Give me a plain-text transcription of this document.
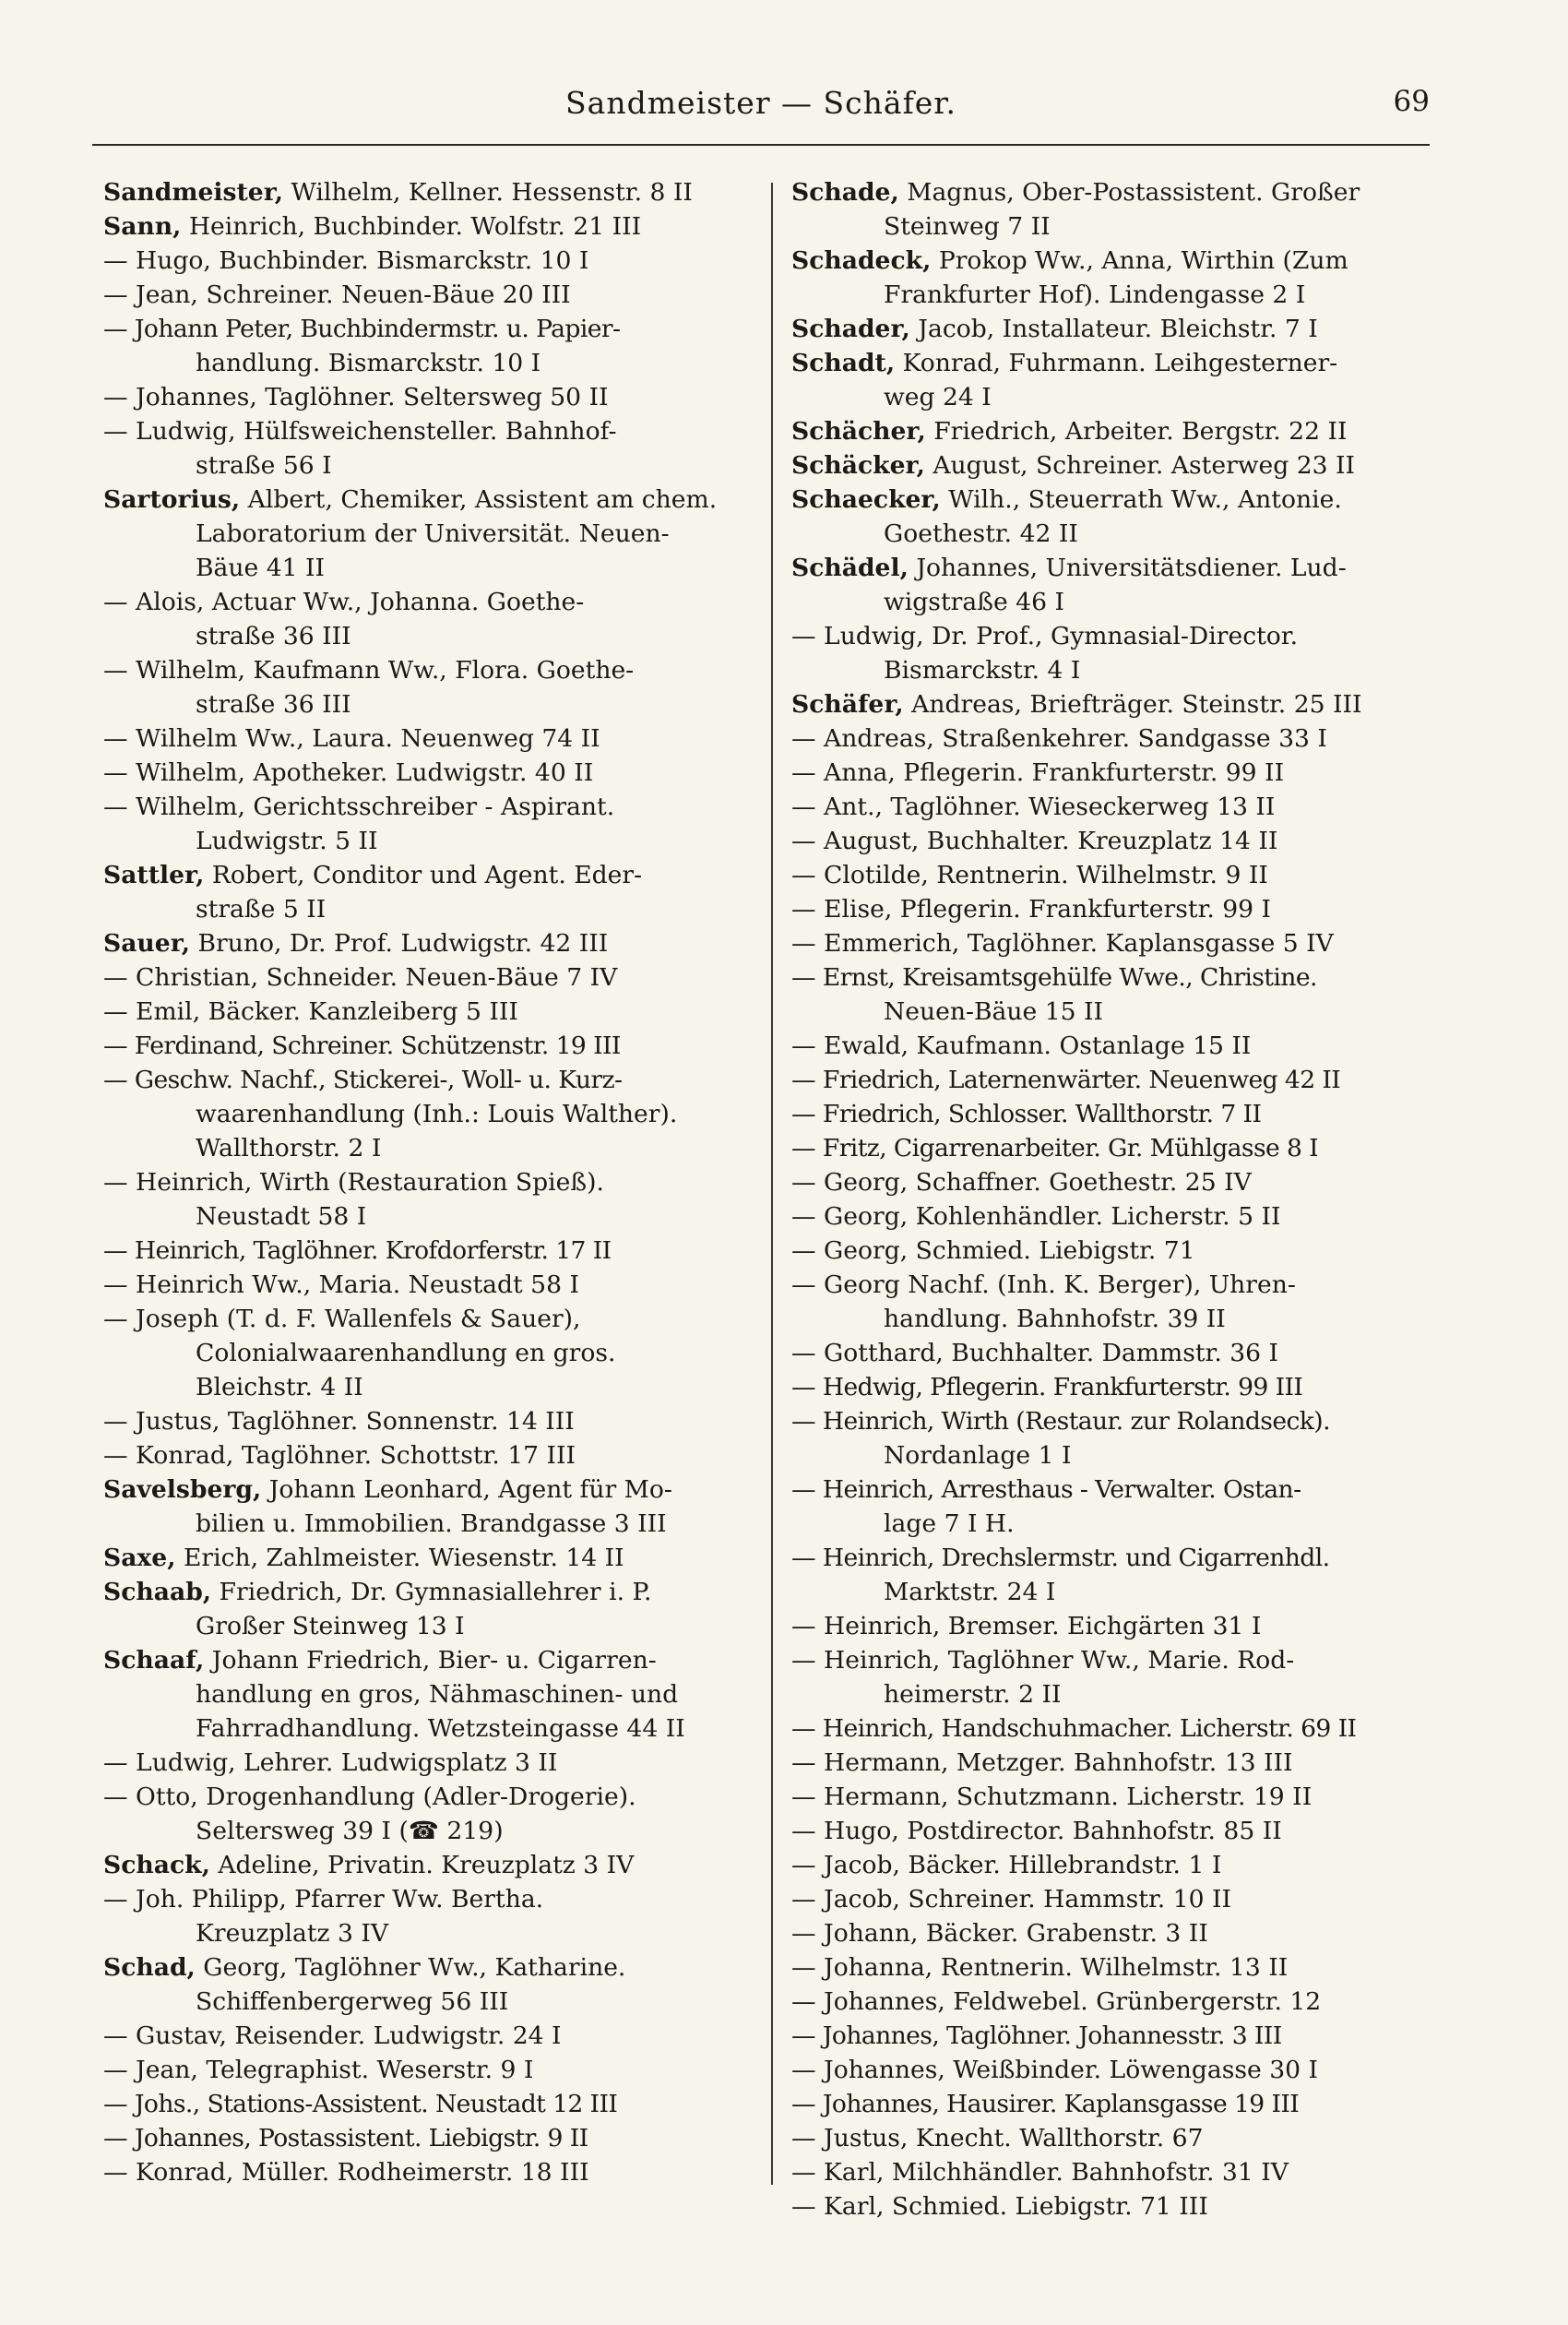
Sandmeister — Schäfer.	69
Sandmeister, Wilhelm, Kellner. Hessenstr. 8 II
Sann, Heinrich, Buchbinder. Wolfstr. 21 III
— Hugo, Buchbinder. Bismarckstr. 10 I
— Jean, Schreiner. Neuen-Bäue 20 III
— Johann Peter, Buchbindermstr. u. Papier-
handlung. Bismarckstr. 10 I
— Johannes, Taglöhner. Seltersweg 50 II
— Ludwig, Hülfsweichensteller. Bahnhof-
straße 56 I
Sartorius, Albert, Chemiker, Assistent am chem.
Laboratorium der Universität. Neuen-
Bäue 41 II
— Alois, Actuar Ww., Johanna. Goethe-
straße 36 III
— Wilhelm, Kaufmann Ww., Flora. Goethe-
straße 36 III
— Wilhelm Ww., Laura. Neuenweg 74 II
— Wilhelm, Apotheker. Ludwigstr. 40 II
— Wilhelm, Gerichtsschreiber - Aspirant.
Ludwigstr. 5 II
Sattler, Robert, Conditor und Agent. Eder-
straße 5 II
Sauer, Bruno, Dr. Prof. Ludwigstr. 42 III
— Christian, Schneider. Neuen-Bäue 7 IV
— Emil, Bäcker. Kanzleiberg 5 III
— Ferdinand, Schreiner. Schützenstr. 19 III
— Geschw. Nachf., Stickerei-, Woll- u. Kurz-
waarenhandlung (Inh.: Louis Walther).
Wallthorstr. 2 I
— Heinrich, Wirth (Restauration Spieß).
Neustadt 58 I
— Heinrich, Taglöhner. Krofdorferstr. 17 II
— Heinrich Ww., Maria. Neustadt 58 I
— Joseph (T. d. F. Wallenfels & Sauer),
Colonialwaarenhandlung en gros.
Bleichstr. 4 II
— Justus, Taglöhner. Sonnenstr. 14 III
— Konrad, Taglöhner. Schottstr. 17 III
Savelsberg, Johann Leonhard, Agent für Mo-
bilien u. Immobilien. Brandgasse 3 III
Saxe, Erich, Zahlmeister. Wiesenstr. 14 II
Schaab, Friedrich, Dr. Gymnasiallehrer i. P.
Großer Steinweg 13 I
Schaaf, Johann Friedrich, Bier- u. Cigarren-
handlung en gros, Nähmaschinen- und
Fahrradhandlung. Wetzsteingasse 44 II
— Ludwig, Lehrer. Ludwigsplatz 3 II
— Otto, Drogenhandlung (Adler-Drogerie).
Seltersweg 39 I (☎ 219)
Schack, Adeline, Privatin. Kreuzplatz 3 IV
— Joh. Philipp, Pfarrer Ww. Bertha.
Kreuzplatz 3 IV
Schad, Georg, Taglöhner Ww., Katharine.
Schiffenbergerweg 56 III
— Gustav, Reisender. Ludwigstr. 24 I
— Jean, Telegraphist. Weserstr. 9 I
— Johs., Stations-Assistent. Neustadt 12 III
— Johannes, Postassistent. Liebigstr. 9 II
— Konrad, Müller. Rodheimerstr. 18 III
Schade, Magnus, Ober-Postassistent. Großer
Steinweg 7 II
Schadeck, Prokop Ww., Anna, Wirthin (Zum
Frankfurter Hof). Lindengasse 2 I
Schader, Jacob, Installateur. Bleichstr. 7 I
Schadt, Konrad, Fuhrmann. Leihgesterner-
weg 24 I
Schächer, Friedrich, Arbeiter. Bergstr. 22 II
Schäcker, August, Schreiner. Asterweg 23 II
Schaecker, Wilh., Steuerrath Ww., Antonie.
Goethestr. 42 II
Schädel, Johannes, Universitätsdiener. Lud-
wigstraße 46 I
— Ludwig, Dr. Prof., Gymnasial-Director.
Bismarckstr. 4 I
Schäfer, Andreas, Briefträger. Steinstr. 25 III
— Andreas, Straßenkehrer. Sandgasse 33 I
— Anna, Pflegerin. Frankfurterstr. 99 II
— Ant., Taglöhner. Wieseckerweg 13 II
— August, Buchhalter. Kreuzplatz 14 II
— Clotilde, Rentnerin. Wilhelmstr. 9 II
— Elise, Pflegerin. Frankfurterstr. 99 I
— Emmerich, Taglöhner. Kaplansgasse 5 IV
— Ernst, Kreisamtsgehülfe Wwe., Christine.
Neuen-Bäue 15 II
— Ewald, Kaufmann. Ostanlage 15 II
— Friedrich, Laternenwärter. Neuenweg 42 II
— Friedrich, Schlosser. Wallthorstr. 7 II
— Fritz, Cigarrenarbeiter. Gr. Mühlgasse 8 I
— Georg, Schaffner. Goethestr. 25 IV
— Georg, Kohlenhändler. Licherstr. 5 II
— Georg, Schmied. Liebigstr. 71
— Georg Nachf. (Inh. K. Berger), Uhren-
handlung. Bahnhofstr. 39 II
— Gotthard, Buchhalter. Dammstr. 36 I
— Hedwig, Pflegerin. Frankfurterstr. 99 III
— Heinrich, Wirth (Restaur. zur Rolandseck).
Nordanlage 1 I
— Heinrich, Arresthaus - Verwalter. Ostan-
lage 7 I H.
— Heinrich, Drechslermstr. und Cigarrenhdl.
Marktstr. 24 I
— Heinrich, Bremser. Eichgärten 31 I
— Heinrich, Taglöhner Ww., Marie. Rod-
heimerstr. 2 II
— Heinrich, Handschuhmacher. Licherstr. 69 II
— Hermann, Metzger. Bahnhofstr. 13 III
— Hermann, Schutzmann. Licherstr. 19 II
— Hugo, Postdirector. Bahnhofstr. 85 II
— Jacob, Bäcker. Hillebrandstr. 1 I
— Jacob, Schreiner. Hammstr. 10 II
— Johann, Bäcker. Grabenstr. 3 II
— Johanna, Rentnerin. Wilhelmstr. 13 II
— Johannes, Feldwebel. Grünbergerstr. 12
— Johannes, Taglöhner. Johannesstr. 3 III
— Johannes, Weißbinder. Löwengasse 30 I
— Johannes, Hausirer. Kaplansgasse 19 III
— Justus, Knecht. Wallthorstr. 67
— Karl, Milchhändler. Bahnhofstr. 31 IV
— Karl, Schmied. Liebigstr. 71 III
